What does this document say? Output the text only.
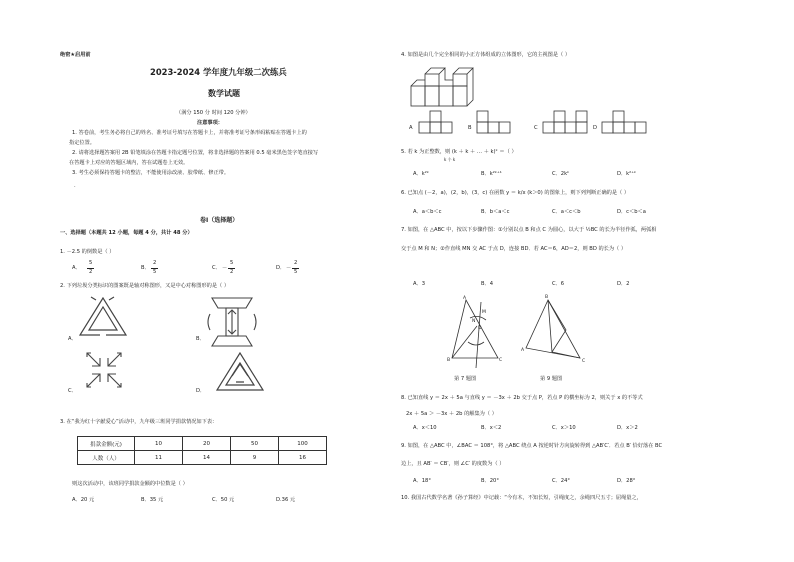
绝密★启用前
2023-2024 学年度九年级二次练兵
数学试题
（满分 150 分 时间 120 分钟）
注意事项：
1. 答卷前，考生务必将自己的姓名、准考证号填写在答题卡上，并将准考证号条形码粘贴在答题卡上的
指定位置。
2. 请将选择题答案用 2B 铅笔填涂在答题卡指定题号位置，将非选择题的答案用 0.5 毫米黑色签字笔直接写
在答题卡上对应的答题区域内，答在试题卷上无效。
3. 考生必须保持答题卡的整洁，不能使用涂改液、胶带纸、修正带。
.
卷Ⅰ（选择题）
一、选择题（本题共 12 小题，每题 4 分，共计 48 分）
1. －2.5 的倒数是（ ）
A．
5
2
B．
2
5
C． －
5
2
D． －
2
5
2. 下列垃圾分类标识的图案既是轴对称图形，又是中心对称图形的是（ ）
A．	B．
C．	D．
3. 在“我为红十字献爱心”活动中，九年级三班同学捐款情况如下表：
捐款金额(元)	10	20	50	100
人数（人）	11	14	9	16
则这次活动中，该班同学捐款金额的中位数是（ ）
A．20 元	B．35 元	C．50 元	D.36 元
4. 如图是由几个完全相同的小正方体组成的立体图形，它的主视图是（ ）
A	B	C	D
5. 若 k 为正整数，则 (k ＋ k ＋ … ＋ k)ᵏ ＝（ ）
k 个 k
A．k²ᵏ	B．k²ᵏ⁺¹	C．2kᵏ	D．k²⁺ᵏ
6. 已知点 (－2，a)，(2，b)，(3，c) 在函数 y ＝ k/x (k＞0) 的图象上，则下列判断正确的是（ ）
A．a＜b＜c	B．b＜a＜c	C．a＜c＜b	D．c＜b＜a
7. 如图，在 △ABC 中，按以下步骤作图：①分别以点 B 和点 C 为圆心，以大于 ½BC 的长为半径作弧，两弧相
交于点 M 和 N；②作直线 MN 交 AC 于点 D，连接 BD．若 AC＝6，AD＝2，则 BD 的长为（ ）
A．3	B．4	C．6	D．2
A
M
N
D
B	C
第 7 题图
B
A
C
第 9 题图
8. 已知直线 y ＝ 2x ＋ 5a 与直线 y ＝ －3x ＋ 2b 交于点 P，若点 P 的横坐标为 2，则关于 x 的不等式
2x ＋ 5a ＞ －3x ＋ 2b 的解集为（ ）
A．x＜10	B．x＜2	C．x＞10	D．x＞2
9. 如图，在 △ABC 中，∠BAC ＝ 108°，将 △ABC 绕点 A 按逆时针方向旋转得到 △AB′C′．若点 B′ 恰好落在 BC
边上，且 AB′ ＝ CB′，则 ∠C′ 的度数为（ ）
A．18°	B．20°	C．24°	D．28°
10. 我国古代数学名著《孙子算经》中记载：“今有木，不知长短，引绳度之，余绳四尺五寸；屈绳量之，
